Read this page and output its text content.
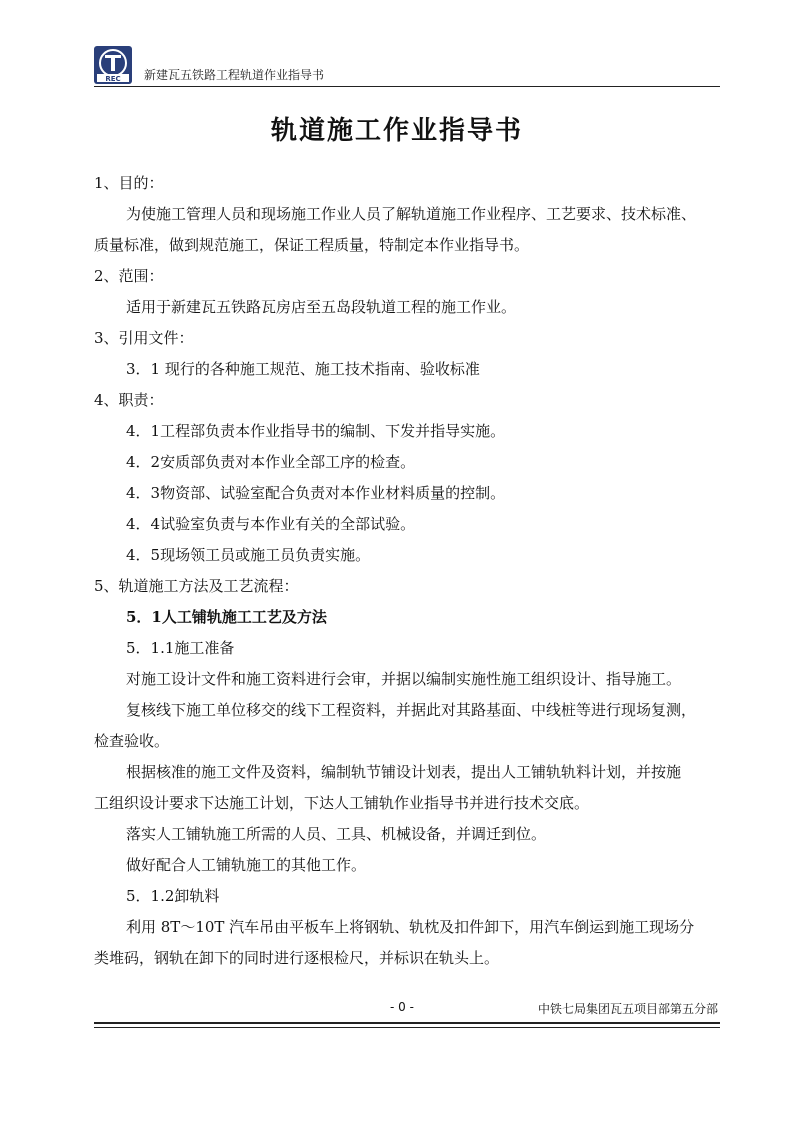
REC 新建瓦五铁路工程轨道作业指导书
轨道施工作业指导书
1、目的：
为使施工管理人员和现场施工作业人员了解轨道施工作业程序、工艺要求、技术标准、
质量标准，做到规范施工，保证工程质量，特制定本作业指导书。
2、范围：
适用于新建瓦五铁路瓦房店至五岛段轨道工程的施工作业。
3、引用文件：
3．1 现行的各种施工规范、施工技术指南、验收标准
4、职责：
4．1工程部负责本作业指导书的编制、下发并指导实施。
4．2安质部负责对本作业全部工序的检查。
4．3物资部、试验室配合负责对本作业材料质量的控制。
4．4试验室负责与本作业有关的全部试验。
4．5现场领工员或施工员负责实施。
5、轨道施工方法及工艺流程：
5．1人工铺轨施工工艺及方法
5．1.1施工准备
对施工设计文件和施工资料进行会审，并据以编制实施性施工组织设计、指导施工。
复核线下施工单位移交的线下工程资料，并据此对其路基面、中线桩等进行现场复测，
检查验收。
根据核准的施工文件及资料，编制轨节铺设计划表，提出人工铺轨轨料计划，并按施
工组织设计要求下达施工计划，下达人工铺轨作业指导书并进行技术交底。
落实人工铺轨施工所需的人员、工具、机械设备，并调迁到位。
做好配合人工铺轨施工的其他工作。
5．1.2卸轨料
利用 8T～10T 汽车吊由平板车上将钢轨、轨枕及扣件卸下，用汽车倒运到施工现场分
类堆码，钢轨在卸下的同时进行逐根检尺，并标识在轨头上。
- 0 -	中铁七局集团瓦五项目部第五分部
